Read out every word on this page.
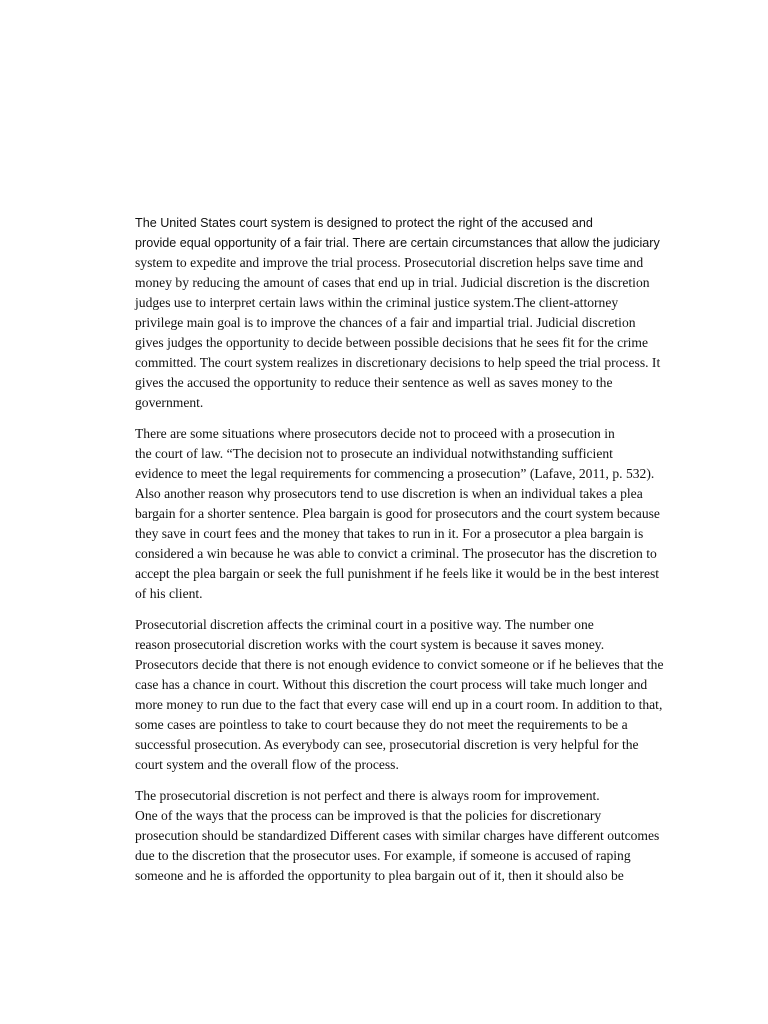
The United States court system is designed to protect the right of the accused and
provide equal opportunity of a fair trial. There are certain circumstances that allow the judiciary
system to expedite and improve the trial process. Prosecutorial discretion helps save time and
money by reducing the amount of cases that end up in trial. Judicial discretion is the discretion
judges use to interpret certain laws within the criminal justice system.The client-attorney
privilege main goal is to improve the chances of a fair and impartial trial. Judicial discretion
gives judges the opportunity to decide between possible decisions that he sees fit for the crime
committed. The court system realizes in discretionary decisions to help speed the trial process. It
gives the accused the opportunity to reduce their sentence as well as saves money to the
government.

There are some situations where prosecutors decide not to proceed with a prosecution in
the court of law. “The decision not to prosecute an individual notwithstanding sufficient
evidence to meet the legal requirements for commencing a prosecution” (Lafave, 2011, p. 532).
Also another reason why prosecutors tend to use discretion is when an individual takes a plea
bargain for a shorter sentence. Plea bargain is good for prosecutors and the court system because
they save in court fees and the money that takes to run in it. For a prosecutor a plea bargain is
considered a win because he was able to convict a criminal. The prosecutor has the discretion to
accept the plea bargain or seek the full punishment if he feels like it would be in the best interest
of his client.

Prosecutorial discretion affects the criminal court in a positive way. The number one
reason prosecutorial discretion works with the court system is because it saves money.
Prosecutors decide that there is not enough evidence to convict someone or if he believes that the
case has a chance in court. Without this discretion the court process will take much longer and
more money to run due to the fact that every case will end up in a court room. In addition to that,
some cases are pointless to take to court because they do not meet the requirements to be a
successful prosecution. As everybody can see, prosecutorial discretion is very helpful for the
court system and the overall flow of the process.

The prosecutorial discretion is not perfect and there is always room for improvement.
One of the ways that the process can be improved is that the policies for discretionary
prosecution should be standardized Different cases with similar charges have different outcomes
due to the discretion that the prosecutor uses. For example, if someone is accused of raping
someone and he is afforded the opportunity to plea bargain out of it, then it should also be
